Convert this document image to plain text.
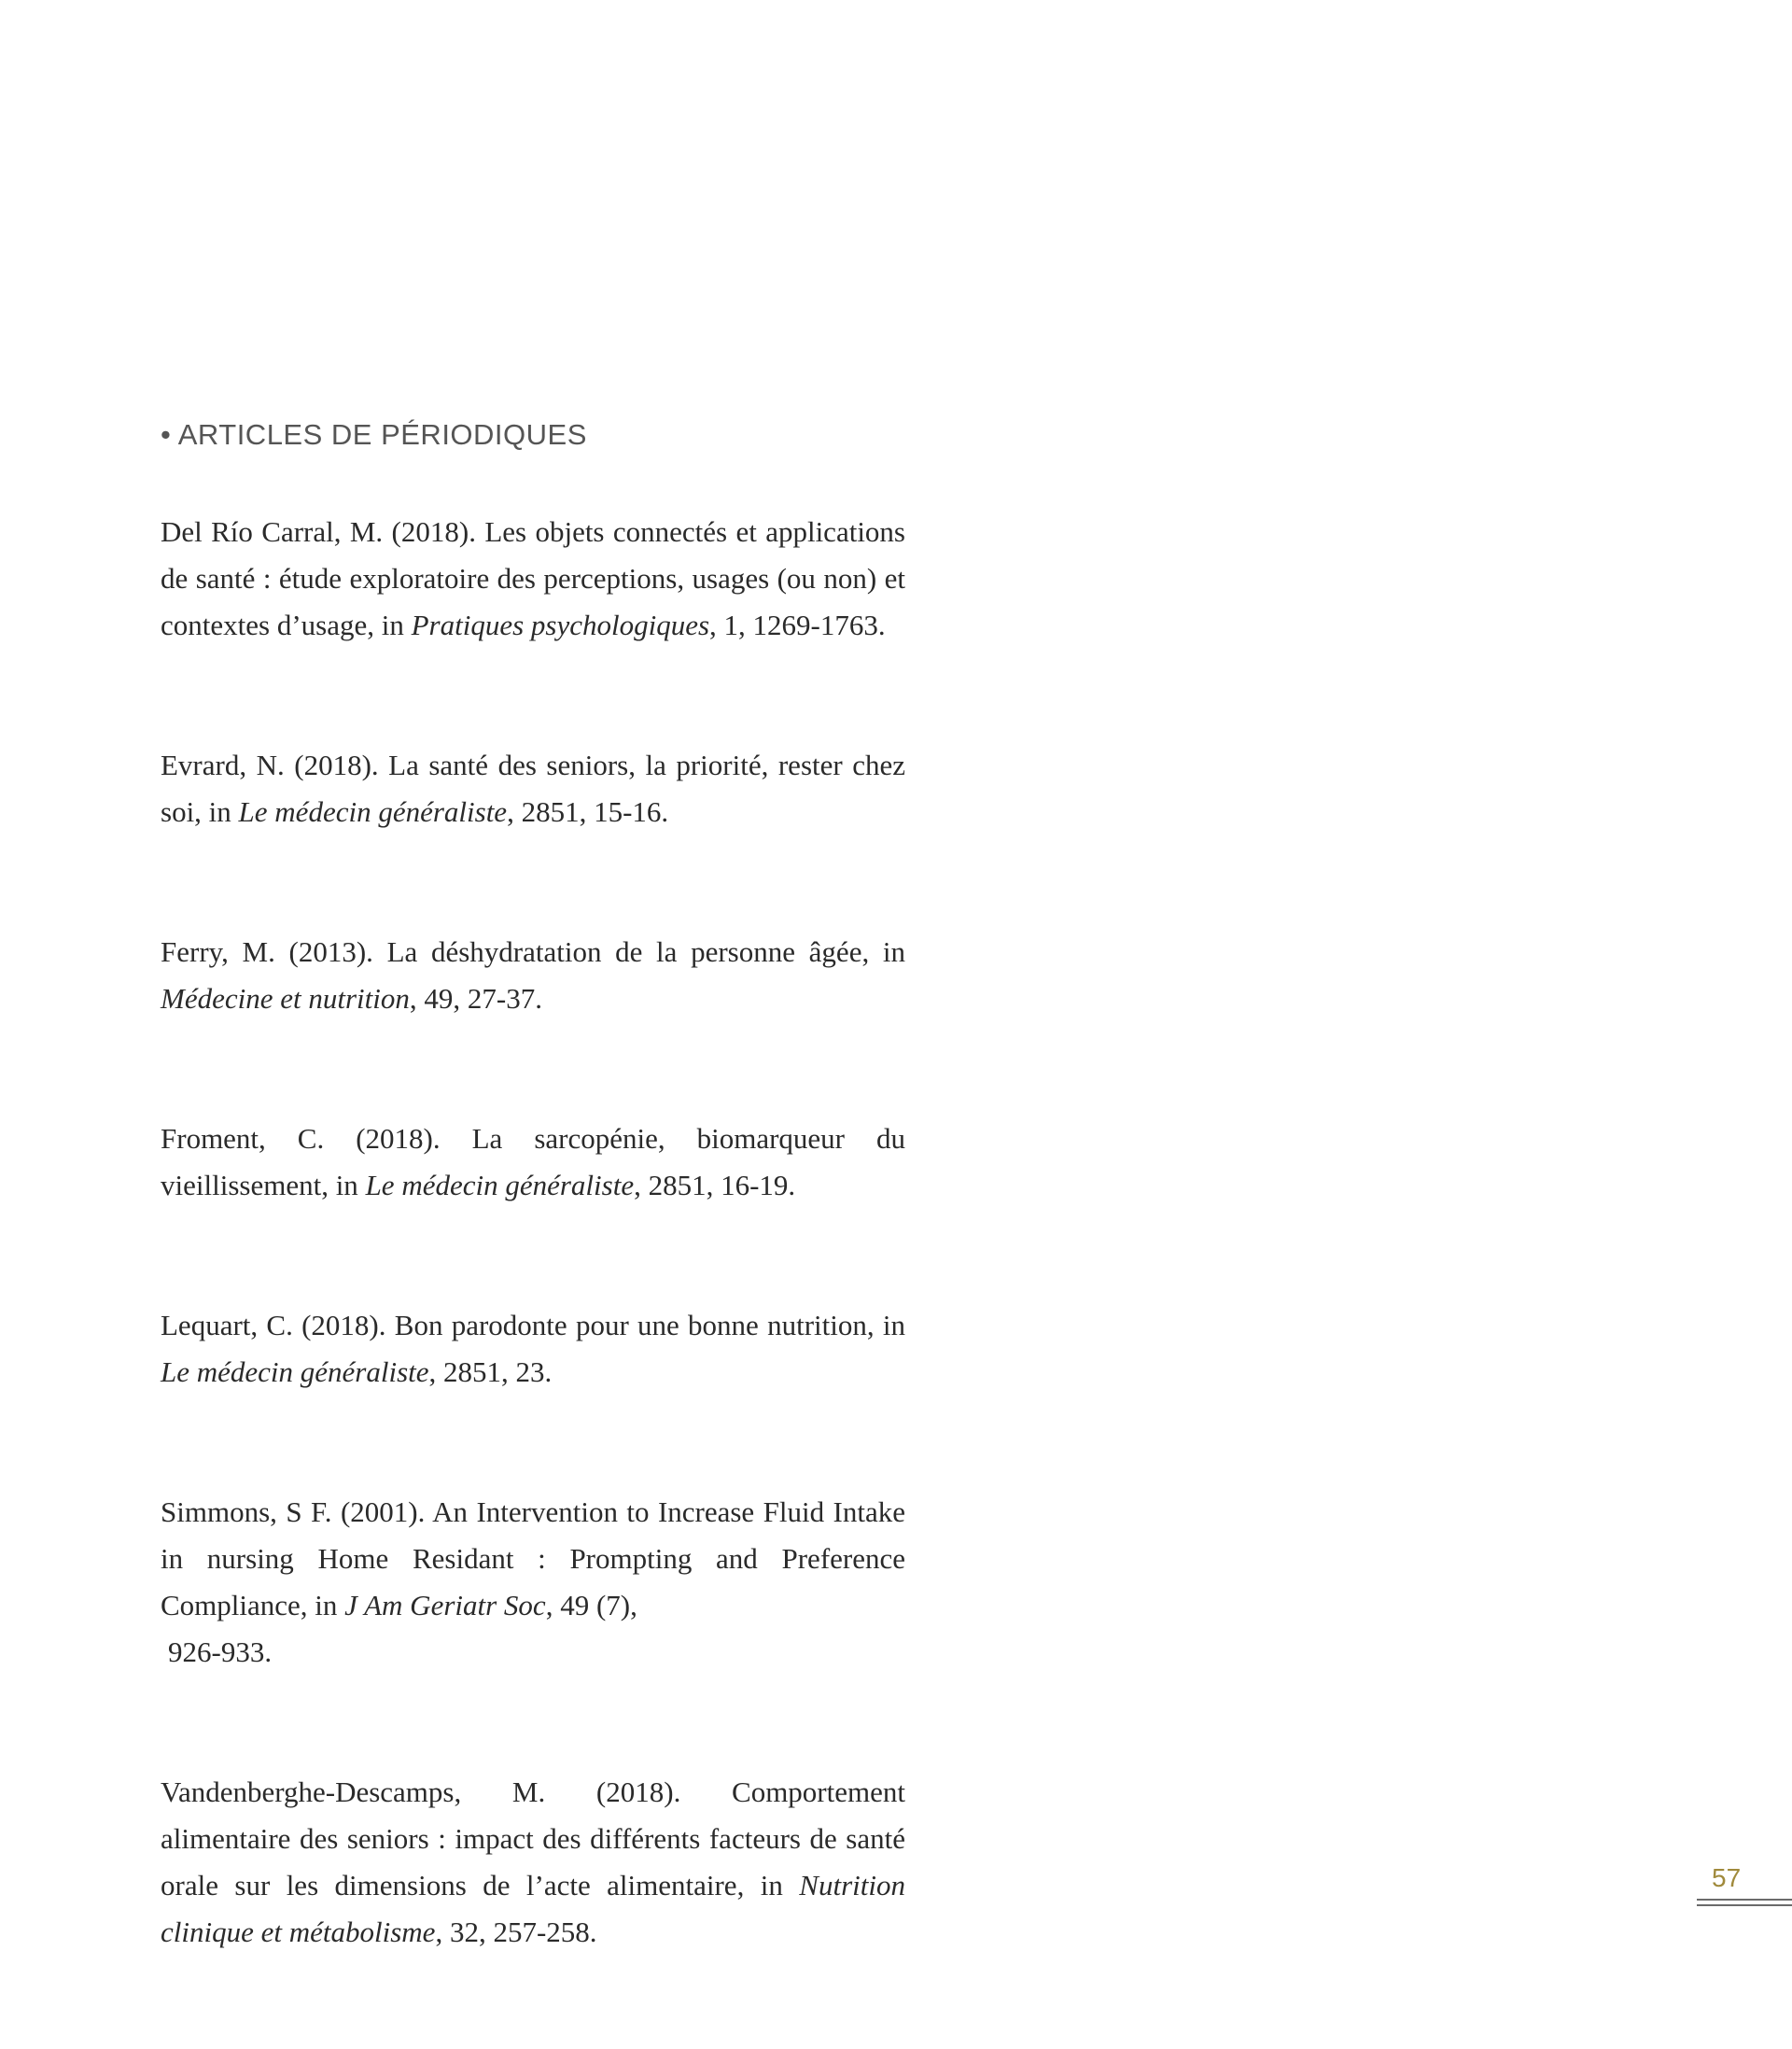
• ARTICLES DE PÉRIODIQUES

Del Río Carral, M. (2018). Les objets connectés et applications de santé : étude exploratoire des perceptions, usages (ou non) et contextes d’usage, in Pratiques psychologiques, 1, 1269-1763.

Evrard, N. (2018). La santé des seniors, la priorité, rester chez soi, in Le médecin généraliste, 2851, 15-16.

Ferry, M. (2013). La déshydratation de la personne âgée, in Médecine et nutrition, 49, 27-37.

Froment, C. (2018). La sarcopénie, biomarqueur du vieillissement, in Le médecin généraliste, 2851, 16-19.

Lequart, C. (2018). Bon parodonte pour une bonne nutrition, in Le médecin généraliste, 2851, 23.

Simmons, S F. (2001). An Intervention to Increase Fluid Intake in nursing Home Residant : Prompting and Preference Compliance, in J Am Geriatr Soc, 49 (7),
926-933.

Vandenberghe-Descamps, M. (2018). Comportement alimentaire des seniors : impact des différents facteurs de santé orale sur les dimensions de l’acte alimentaire, in Nutrition clinique et métabolisme, 32, 257-258.

57
